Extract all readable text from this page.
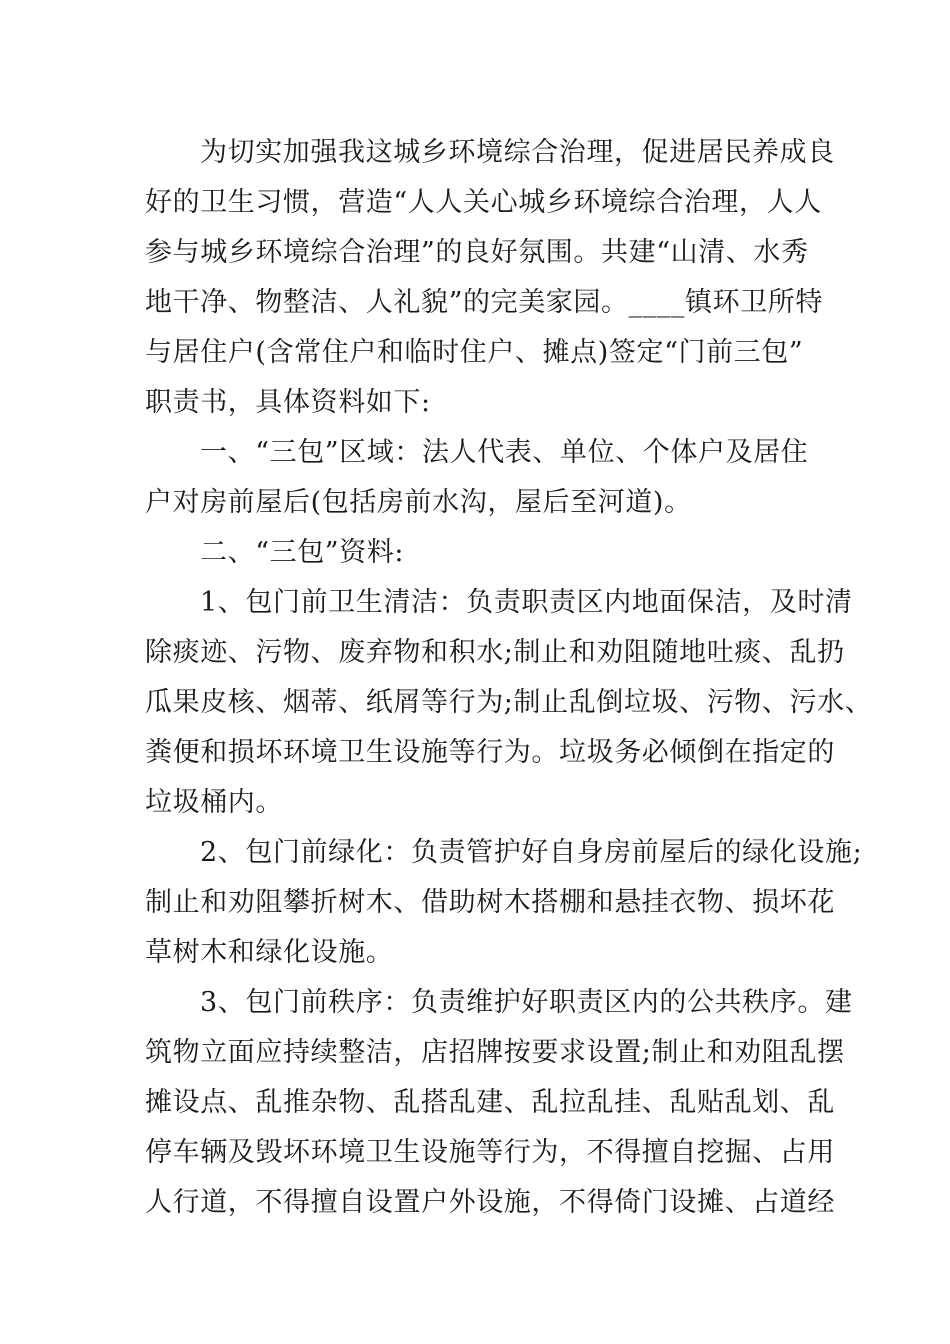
为切实加强我这城乡环境综合治理，促进居民养成良
好的卫生习惯，营造“人人关心城乡环境综合治理，人人
参与城乡环境综合治理”的良好氛围。共建“山清、水秀
地干净、物整洁、人礼貌”的完美家园。____镇环卫所特
与居住户(含常住户和临时住户、摊点)签定“门前三包”
职责书，具体资料如下:
一、“三包”区域：法人代表、单位、个体户及居住
户对房前屋后(包括房前水沟，屋后至河道)。
二、“三包”资料:
1、包门前卫生清洁：负责职责区内地面保洁，及时清
除痰迹、污物、废弃物和积水;制止和劝阻随地吐痰、乱扔
瓜果皮核、烟蒂、纸屑等行为;制止乱倒垃圾、污物、污水、
粪便和损坏环境卫生设施等行为。垃圾务必倾倒在指定的
垃圾桶内。
2、包门前绿化：负责管护好自身房前屋后的绿化设施;
制止和劝阻攀折树木、借助树木搭棚和悬挂衣物、损坏花
草树木和绿化设施。
3、包门前秩序：负责维护好职责区内的公共秩序。建
筑物立面应持续整洁，店招牌按要求设置;制止和劝阻乱摆
摊设点、乱推杂物、乱搭乱建、乱拉乱挂、乱贴乱划、乱
停车辆及毁坏环境卫生设施等行为，不得擅自挖掘、占用
人行道，不得擅自设置户外设施，不得倚门设摊、占道经
